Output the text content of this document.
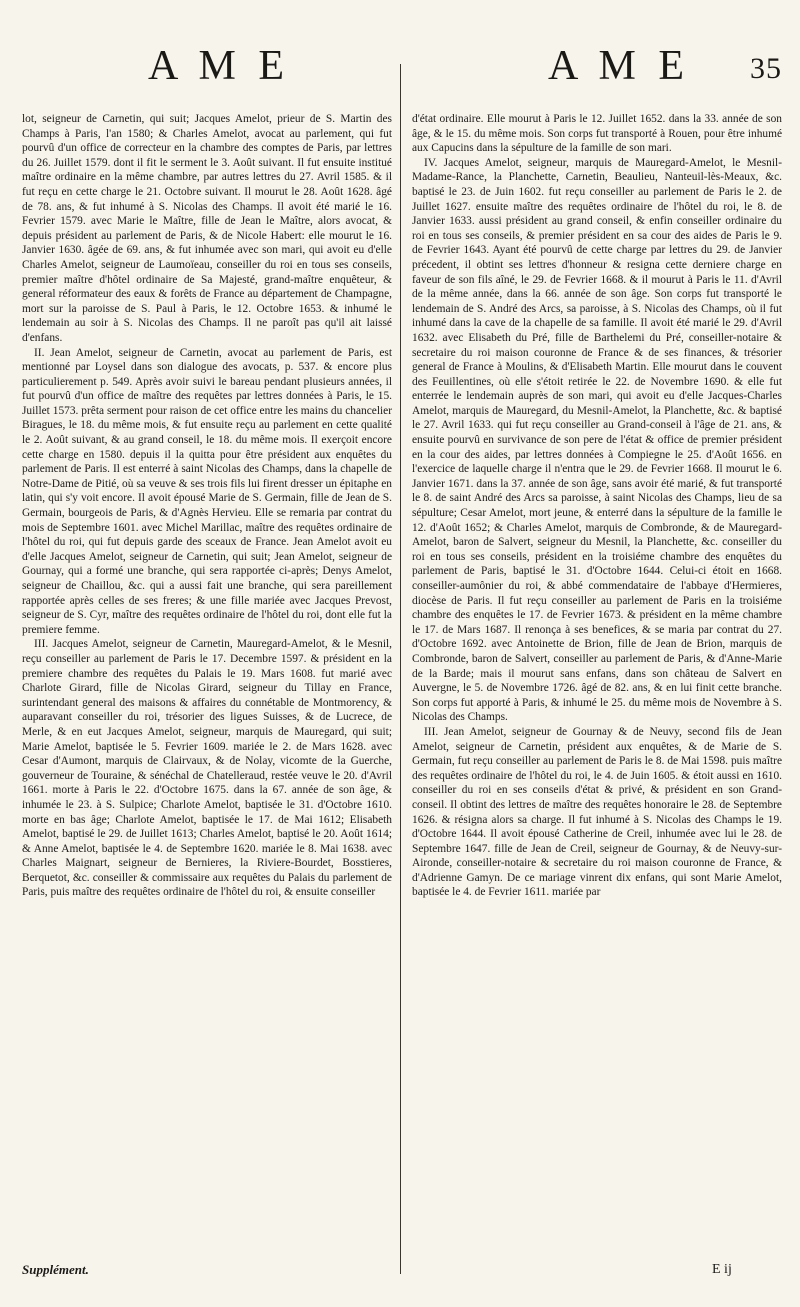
A M E	A M E 35

lot, seigneur de Carnetin, qui suit; Jacques Amelot, prieur de S. Martin des Champs à Paris, l'an 1580; & Charles Amelot, avocat au parlement, qui fut pourvû d'un office de correcteur en la chambre des comptes de Paris, par lettres du 26. Juillet 1579. dont il fit le serment le 3. Août suivant. Il fut ensuite institué maître ordinaire en la même chambre, par autres lettres du 27. Avril 1585. & il fut reçu en cette charge le 21. Octobre suivant. Il mourut le 28. Août 1628. âgé de 78. ans, & fut inhumé à S. Nicolas des Champs. Il avoit été marié le 16. Fevrier 1579. avec Marie le Maître, fille de Jean le Maître, alors avocat, & depuis président au parlement de Paris, & de Nicole Habert: elle mourut le 16. Janvier 1630. âgée de 69. ans, & fut inhumée avec son mari, qui avoit eu d'elle Charles Amelot, seigneur de Laumoïeau, conseiller du roi en tous ses conseils, premier maître d'hôtel ordinaire de Sa Majesté, grand-maître enquêteur, & general réformateur des eaux & forêts de France au département de Champagne, mort sur la paroisse de S. Paul à Paris, le 12. Octobre 1653. & inhumé le lendemain au soir à S. Nicolas des Champs. Il ne paroît pas qu'il ait laissé d'enfans.

II. Jean Amelot, seigneur de Carnetin, avocat au parlement de Paris, est mentionné par Loysel dans son dialogue des avocats, p. 537. & encore plus particulierement p. 549. Après avoir suivi le bareau pendant plusieurs années, il fut pourvû d'un office de maître des requêtes par lettres données à Paris, le 15. Juillet 1573. prêta serment pour raison de cet office entre les mains du chancelier Biragues, le 18. du même mois, & fut ensuite reçu au parlement en cette qualité le 2. Août suivant, & au grand conseil, le 18. du même mois. Il exerçoit encore cette charge en 1580. depuis il la quitta pour être président aux enquêtes du parlement de Paris. Il est enterré à saint Nicolas des Champs, dans la chapelle de Notre-Dame de Pitié, où sa veuve & ses trois fils lui firent dresser un épitaphe en latin, qui s'y voit encore. Il avoit épousé Marie de S. Germain, fille de Jean de S. Germain, bourgeois de Paris, & d'Agnès Hervieu. Elle se remaria par contrat du mois de Septembre 1601. avec Michel Marillac, maître des requêtes ordinaire de l'hôtel du roi, qui fut depuis garde des sceaux de France. Jean Amelot avoit eu d'elle Jacques Amelot, seigneur de Carnetin, qui suit; Jean Amelot, seigneur de Gournay, qui a formé une branche, qui sera rapportée ci-après; Denys Amelot, seigneur de Chaillou, &c. qui a aussi fait une branche, qui sera pareillement rapportée après celles de ses freres; & une fille mariée avec Jacques Prevost, seigneur de S. Cyr, maître des requêtes ordinaire de l'hôtel du roi, dont elle fut la premiere femme.

III. Jacques Amelot, seigneur de Carnetin, Mauregard-Amelot, & le Mesnil, reçu conseiller au parlement de Paris le 17. Decembre 1597. & président en la premiere chambre des requêtes du Palais le 19. Mars 1608. fut marié avec Charlote Girard, fille de Nicolas Girard, seigneur du Tillay en France, surintendant general des maisons & affaires du connétable de Montmorency, & auparavant conseiller du roi, trésorier des ligues Suisses, & de Lucrece, de Merle, & en eut Jacques Amelot, seigneur, marquis de Mauregard, qui suit; Marie Amelot, baptisée le 5. Fevrier 1609. mariée le 2. de Mars 1628. avec Cesar d'Aumont, marquis de Clairvaux, & de Nolay, vicomte de la Guerche, gouverneur de Touraine, & sénéchal de Chatelleraud, restée veuve le 20. d'Avril 1661. morte à Paris le 22. d'Octobre 1675. dans la 67. année de son âge, & inhumée le 23. à S. Sulpice; Charlote Amelot, baptisée le 31. d'Octobre 1610. morte en bas âge; Charlote Amelot, baptisée le 17. de Mai 1612; Elisabeth Amelot, baptisé le 29. de Juillet 1613; Charles Amelot, baptisé le 20. Août 1614; & Anne Amelot, baptisée le 4. de Septembre 1620. mariée le 8. Mai 1638. avec Charles Maignart, seigneur de Bernieres, la Riviere-Bourdet, Bosstieres, Berquetot, &c. conseiller & commissaire aux requêtes du Palais du parlement de Paris, puis maître des requêtes ordinaire de l'hôtel du roi, & ensuite conseiller

d'état ordinaire. Elle mourut à Paris le 12. Juillet 1652. dans la 33. année de son âge, & le 15. du même mois. Son corps fut transporté à Rouen, pour être inhumé aux Capucins dans la sépulture de la famille de son mari.

IV. Jacques Amelot, seigneur, marquis de Mauregard-Amelot, le Mesnil-Madame-Rance, la Planchette, Carnetin, Beaulieu, Nanteuil-lès-Meaux, &c. baptisé le 23. de Juin 1602. fut reçu conseiller au parlement de Paris le 2. de Juillet 1627. ensuite maître des requêtes ordinaire de l'hôtel du roi, le 8. de Janvier 1633. aussi président au grand conseil, & enfin conseiller ordinaire du roi en tous ses conseils, & premier président en sa cour des aides de Paris le 9. de Fevrier 1643. Ayant été pourvû de cette charge par lettres du 29. de Janvier précedent, il obtint ses lettres d'honneur & resigna cette derniere charge en faveur de son fils aîné, le 29. de Fevrier 1668. & il mourut à Paris le 11. d'Avril de la même année, dans la 66. année de son âge. Son corps fut transporté le lendemain de S. André des Arcs, sa paroisse, à S. Nicolas des Champs, où il fut inhumé dans la cave de la chapelle de sa famille. Il avoit été marié le 29. d'Avril 1632. avec Elisabeth du Pré, fille de Barthelemi du Pré, conseiller-notaire & secretaire du roi maison couronne de France & de ses finances, & trésorier general de France à Moulins, & d'Elisabeth Martin. Elle mourut dans le couvent des Feuillentines, où elle s'étoit retirée le 22. de Novembre 1690. & elle fut enterrée le lendemain auprès de son mari, qui avoit eu d'elle Jacques-Charles Amelot, marquis de Mauregard, du Mesnil-Amelot, la Planchette, &c. & baptisé le 27. Avril 1633. qui fut reçu conseiller au Grand-conseil à l'âge de 21. ans, & ensuite pourvû en survivance de son pere de l'état & office de premier président en la cour des aides, par lettres données à Compiegne le 25. d'Août 1656. en l'exercice de laquelle charge il n'entra que le 29. de Fevrier 1668. Il mourut le 6. Janvier 1671. dans la 37. année de son âge, sans avoir été marié, & fut transporté le 8. de saint André des Arcs sa paroisse, à saint Nicolas des Champs, lieu de sa sépulture; Cesar Amelot, mort jeune, & enterré dans la sépulture de la famille le 12. d'Août 1652; & Charles Amelot, marquis de Combronde, & de Mauregard-Amelot, baron de Salvert, seigneur du Mesnil, la Planchette, &c. conseiller du roi en tous ses conseils, président en la troisiéme chambre des enquêtes du parlement de Paris, baptisé le 31. d'Octobre 1644. Celui-ci étoit en 1668. conseiller-aumônier du roi, & abbé commendataire de l'abbaye d'Hermieres, diocèse de Paris. Il fut reçu conseiller au parlement de Paris en la troisiéme chambre des enquêtes le 17. de Fevrier 1673. & président en la même chambre le 17. de Mars 1687. Il renonça à ses benefices, & se maria par contrat du 27. d'Octobre 1692. avec Antoinette de Brion, fille de Jean de Brion, marquis de Combronde, baron de Salvert, conseiller au parlement de Paris, & d'Anne-Marie de la Barde; mais il mourut sans enfans, dans son château de Salvert en Auvergne, le 5. de Novembre 1726. âgé de 82. ans, & en lui finit cette branche. Son corps fut apporté à Paris, & inhumé le 25. du même mois de Novembre à S. Nicolas des Champs.

III. Jean Amelot, seigneur de Gournay & de Neuvy, second fils de Jean Amelot, seigneur de Carnetin, président aux enquêtes, & de Marie de S. Germain, fut reçu conseiller au parlement de Paris le 8. de Mai 1598. puis maître des requêtes ordinaire de l'hôtel du roi, le 4. de Juin 1605. & étoit aussi en 1610. conseiller du roi en ses conseils d'état & privé, & président en son Grand-conseil. Il obtint des lettres de maître des requêtes honoraire le 28. de Septembre 1626. & résigna alors sa charge. Il fut inhumé à S. Nicolas des Champs le 19. d'Octobre 1644. Il avoit épousé Catherine de Creil, inhumée avec lui le 28. de Septembre 1647. fille de Jean de Creil, seigneur de Gournay, & de Neuvy-sur-Aironde, conseiller-notaire & secretaire du roi maison couronne de France, & d'Adrienne Gamyn. De ce mariage vinrent dix enfans, qui sont Marie Amelot, baptisée le 4. de Fevrier 1611. mariée par

Supplément.	E ij
